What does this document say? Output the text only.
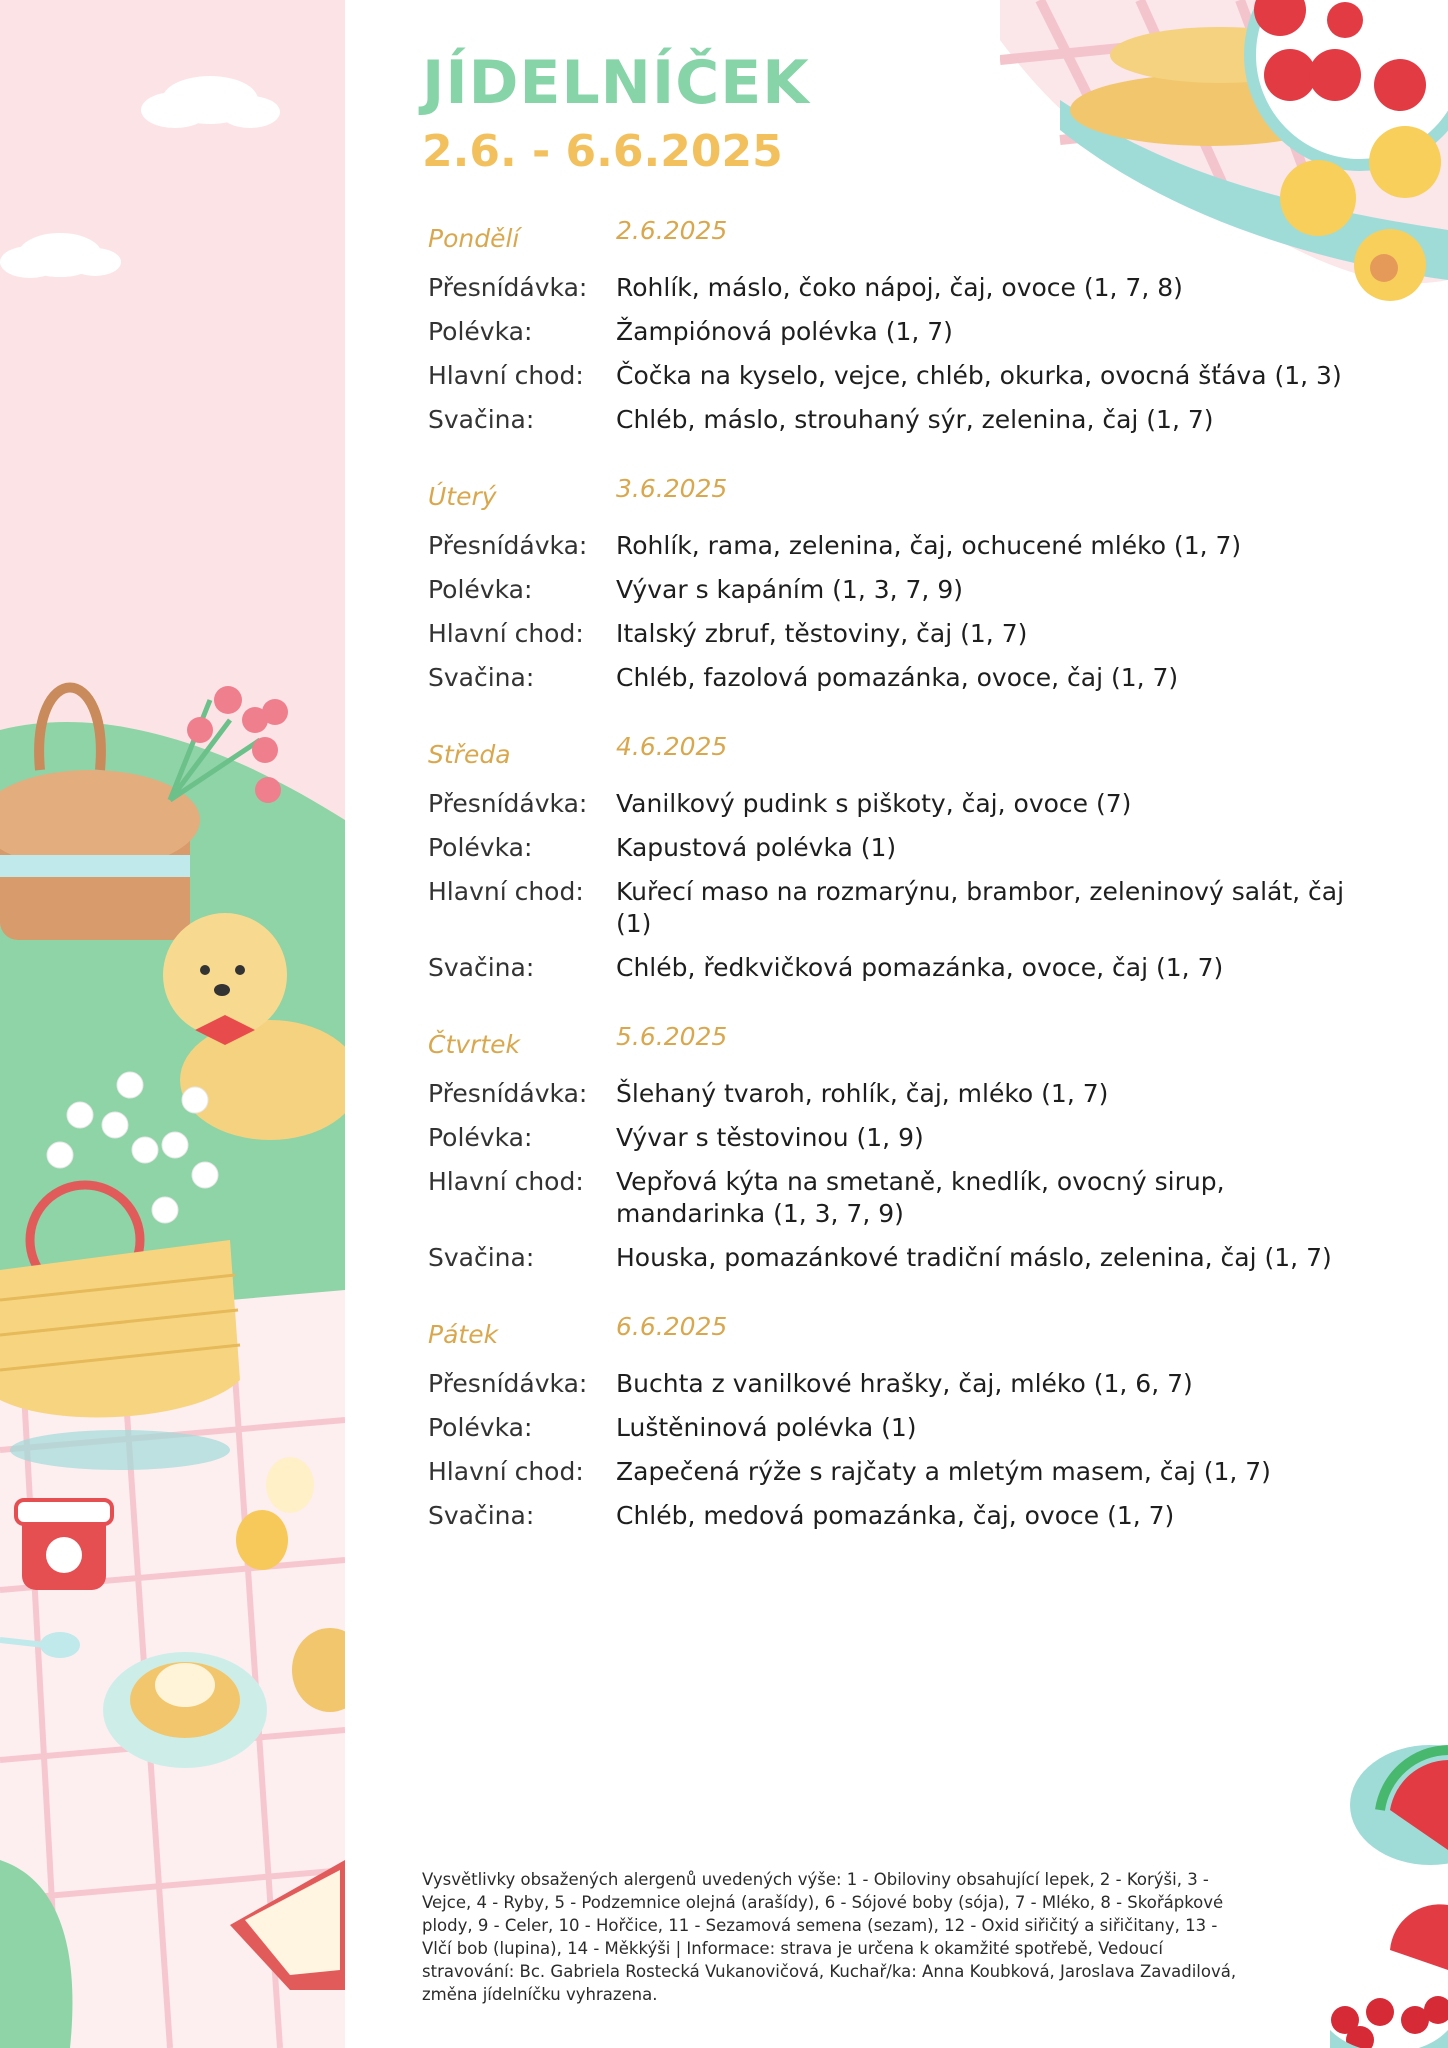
JÍDELNÍČEK
2.6. - 6.6.2025
Pondělí	2.6.2025
Přesnídávka:	Rohlík, máslo, čoko nápoj, čaj, ovoce (1, 7, 8)
Polévka:	Žampiónová polévka (1, 7)
Hlavní chod:	Čočka na kyselo, vejce, chléb, okurka, ovocná šťáva (1, 3)
Svačina:	Chléb, máslo, strouhaný sýr, zelenina, čaj (1, 7)
Úterý	3.6.2025
Přesnídávka:	Rohlík, rama, zelenina, čaj, ochucené mléko (1, 7)
Polévka:	Vývar s kapáním (1, 3, 7, 9)
Hlavní chod:	Italský zbruf, těstoviny, čaj (1, 7)
Svačina:	Chléb, fazolová pomazánka, ovoce, čaj (1, 7)
Středa	4.6.2025
Přesnídávka:	Vanilkový pudink s piškoty, čaj, ovoce (7)
Polévka:	Kapustová polévka (1)
Hlavní chod:	Kuřecí maso na rozmarýnu, brambor, zeleninový salát, čaj (1)
Svačina:	Chléb, ředkvičková pomazánka, ovoce, čaj (1, 7)
Čtvrtek	5.6.2025
Přesnídávka:	Šlehaný tvaroh, rohlík, čaj, mléko (1, 7)
Polévka:	Vývar s těstovinou (1, 9)
Hlavní chod:	Vepřová kýta na smetaně, knedlík, ovocný sirup, mandarinka (1, 3, 7, 9)
Svačina:	Houska, pomazánkové tradiční máslo, zelenina, čaj (1, 7)
Pátek	6.6.2025
Přesnídávka:	Buchta z vanilkové hrašky, čaj, mléko (1, 6, 7)
Polévka:	Luštěninová polévka (1)
Hlavní chod:	Zapečená rýže s rajčaty a mletým masem, čaj (1, 7)
Svačina:	Chléb, medová pomazánka, čaj, ovoce (1, 7)

Vysvětlivky obsažených alergenů uvedených výše: 1 - Obiloviny obsahující lepek, 2 - Korýši, 3 - Vejce, 4 - Ryby, 5 - Podzemnice olejná (arašídy), 6 - Sójové boby (sója), 7 - Mléko, 8 - Skořápkové plody, 9 - Celer, 10 - Hořčice, 11 - Sezamová semena (sezam), 12 - Oxid siřičitý a siřičitany, 13 - Vlčí bob (lupina), 14 - Měkkýši | Informace: strava je určena k okamžité spotřebě, Vedoucí stravování: Bc. Gabriela Rostecká Vukanovičová, Kuchař/ka: Anna Koubková, Jaroslava Zavadilová, změna jídelníčku vyhrazena.
